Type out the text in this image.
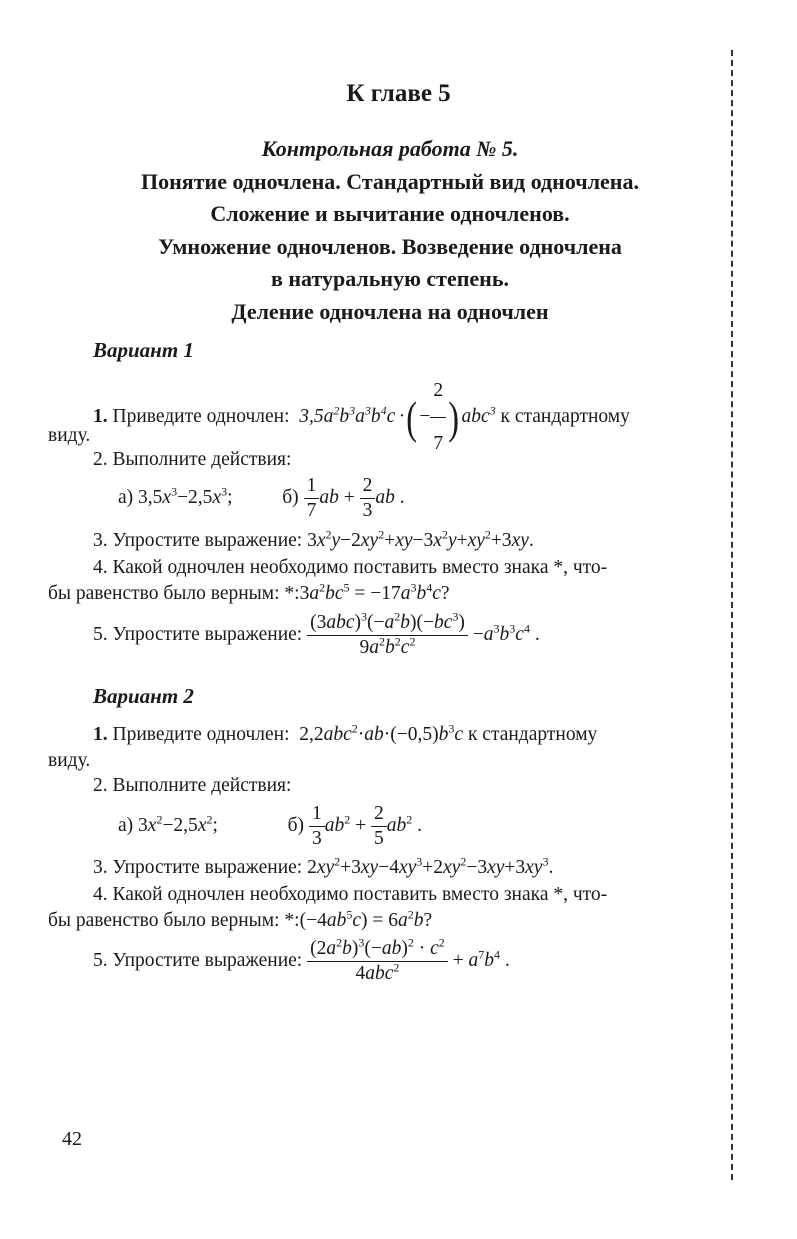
К главе 5
Контрольная работа № 5.
Понятие одночлена. Стандартный вид одночлена.
Сложение и вычитание одночленов.
Умножение одночленов. Возведение одночлена
в натуральную степень.
Деление одночлена на одночлен
Вариант 1
1. Приведите одночлен:  $3,5a^2b^3a^3b^4c$ ·( − $\frac{2}{7}$ ) abc$^3$ к стандартному
виду.
2. Выполните действия:
а) $3,5x^3-2,5x^3$;	$б) \frac{1}{7}$ ab + $\frac{2}{3}$ ab .
3. Упростите выражение: $3x^2y-2xy^2+xy-3x^2y+xy^2+3xy$.
4. Какой одночлен необходимо поставить вместо знака *, что-
бы равенство было верным: $*:3a^2bc^5 = -17a^3b^4c$?
5. Упростите выражение: $\frac{(3abc)^3(-a^2b)(-bc^3)}{9a^2b^2c^2} -a^3b^3c^4$ .
Вариант 2
1. Приведите одночлен:  $2,2abc^2\cdot ab\cdot(-0,5)b^3c$ к стандартному
виду.
2. Выполните действия:
а) $3x^2-2,5x^2$;	$б) \frac{1}{3} ab^2 + \frac{2}{5} ab^2$ .
3. Упростите выражение: $2xy^2+3xy-4xy^3+2xy^2-3xy+3xy^3$.
4. Какой одночлен необходимо поставить вместо знака *, что-
бы равенство было верным: $*:(-4ab^5c) = 6a^2b$?
5. Упростите выражение: $\frac{(2a^2b)^3(-ab)^2 \cdot c^2}{4abc^2} + a^7b^4$ .
42
